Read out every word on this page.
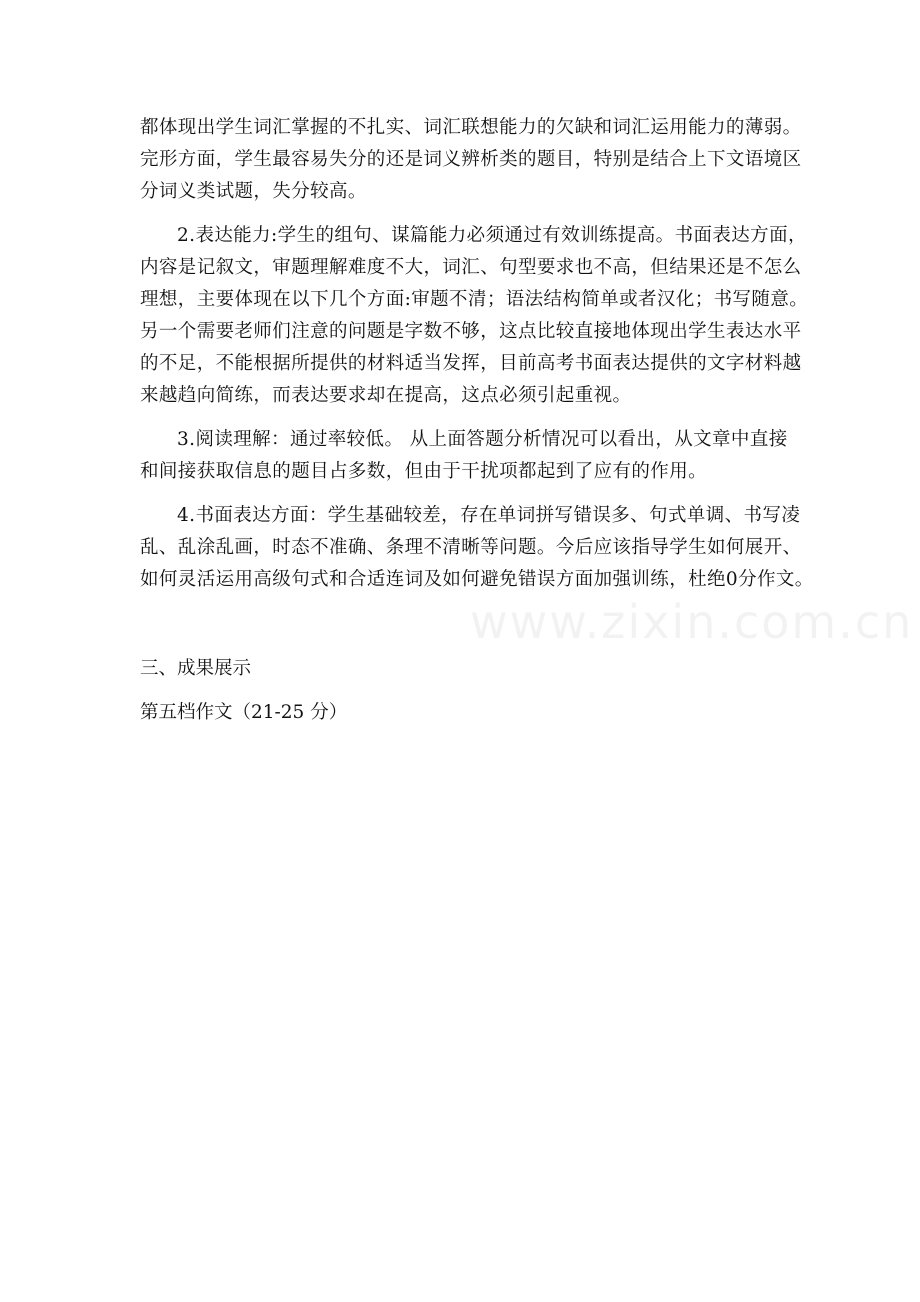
都体现出学生词汇掌握的不扎实、词汇联想能力的欠缺和词汇运用能力的薄弱。
完形方面，学生最容易失分的还是词义辨析类的题目，特别是结合上下文语境区
分词义类试题，失分较高。
2.表达能力:学生的组句、谋篇能力必须通过有效训练提高。书面表达方面，
内容是记叙文，审题理解难度不大，词汇、句型要求也不高，但结果还是不怎么
理想，主要体现在以下几个方面:审题不清；语法结构简单或者汉化；书写随意。
另一个需要老师们注意的问题是字数不够，这点比较直接地体现出学生表达水平
的不足，不能根据所提供的材料适当发挥，目前高考书面表达提供的文字材料越
来越趋向简练，而表达要求却在提高，这点必须引起重视。
3.阅读理解：通过率较低。 从上面答题分析情况可以看出，从文章中直接
和间接获取信息的题目占多数，但由于干扰项都起到了应有的作用。
4.书面表达方面：学生基础较差，存在单词拼写错误多、句式单调、书写凌
乱、乱涂乱画，时态不准确、条理不清晰等问题。今后应该指导学生如何展开、
如何灵活运用高级句式和合适连词及如何避免错误方面加强训练，杜绝0分作文。
三、成果展示
第五档作文（21-25 分）
www.zixin.com.cn
